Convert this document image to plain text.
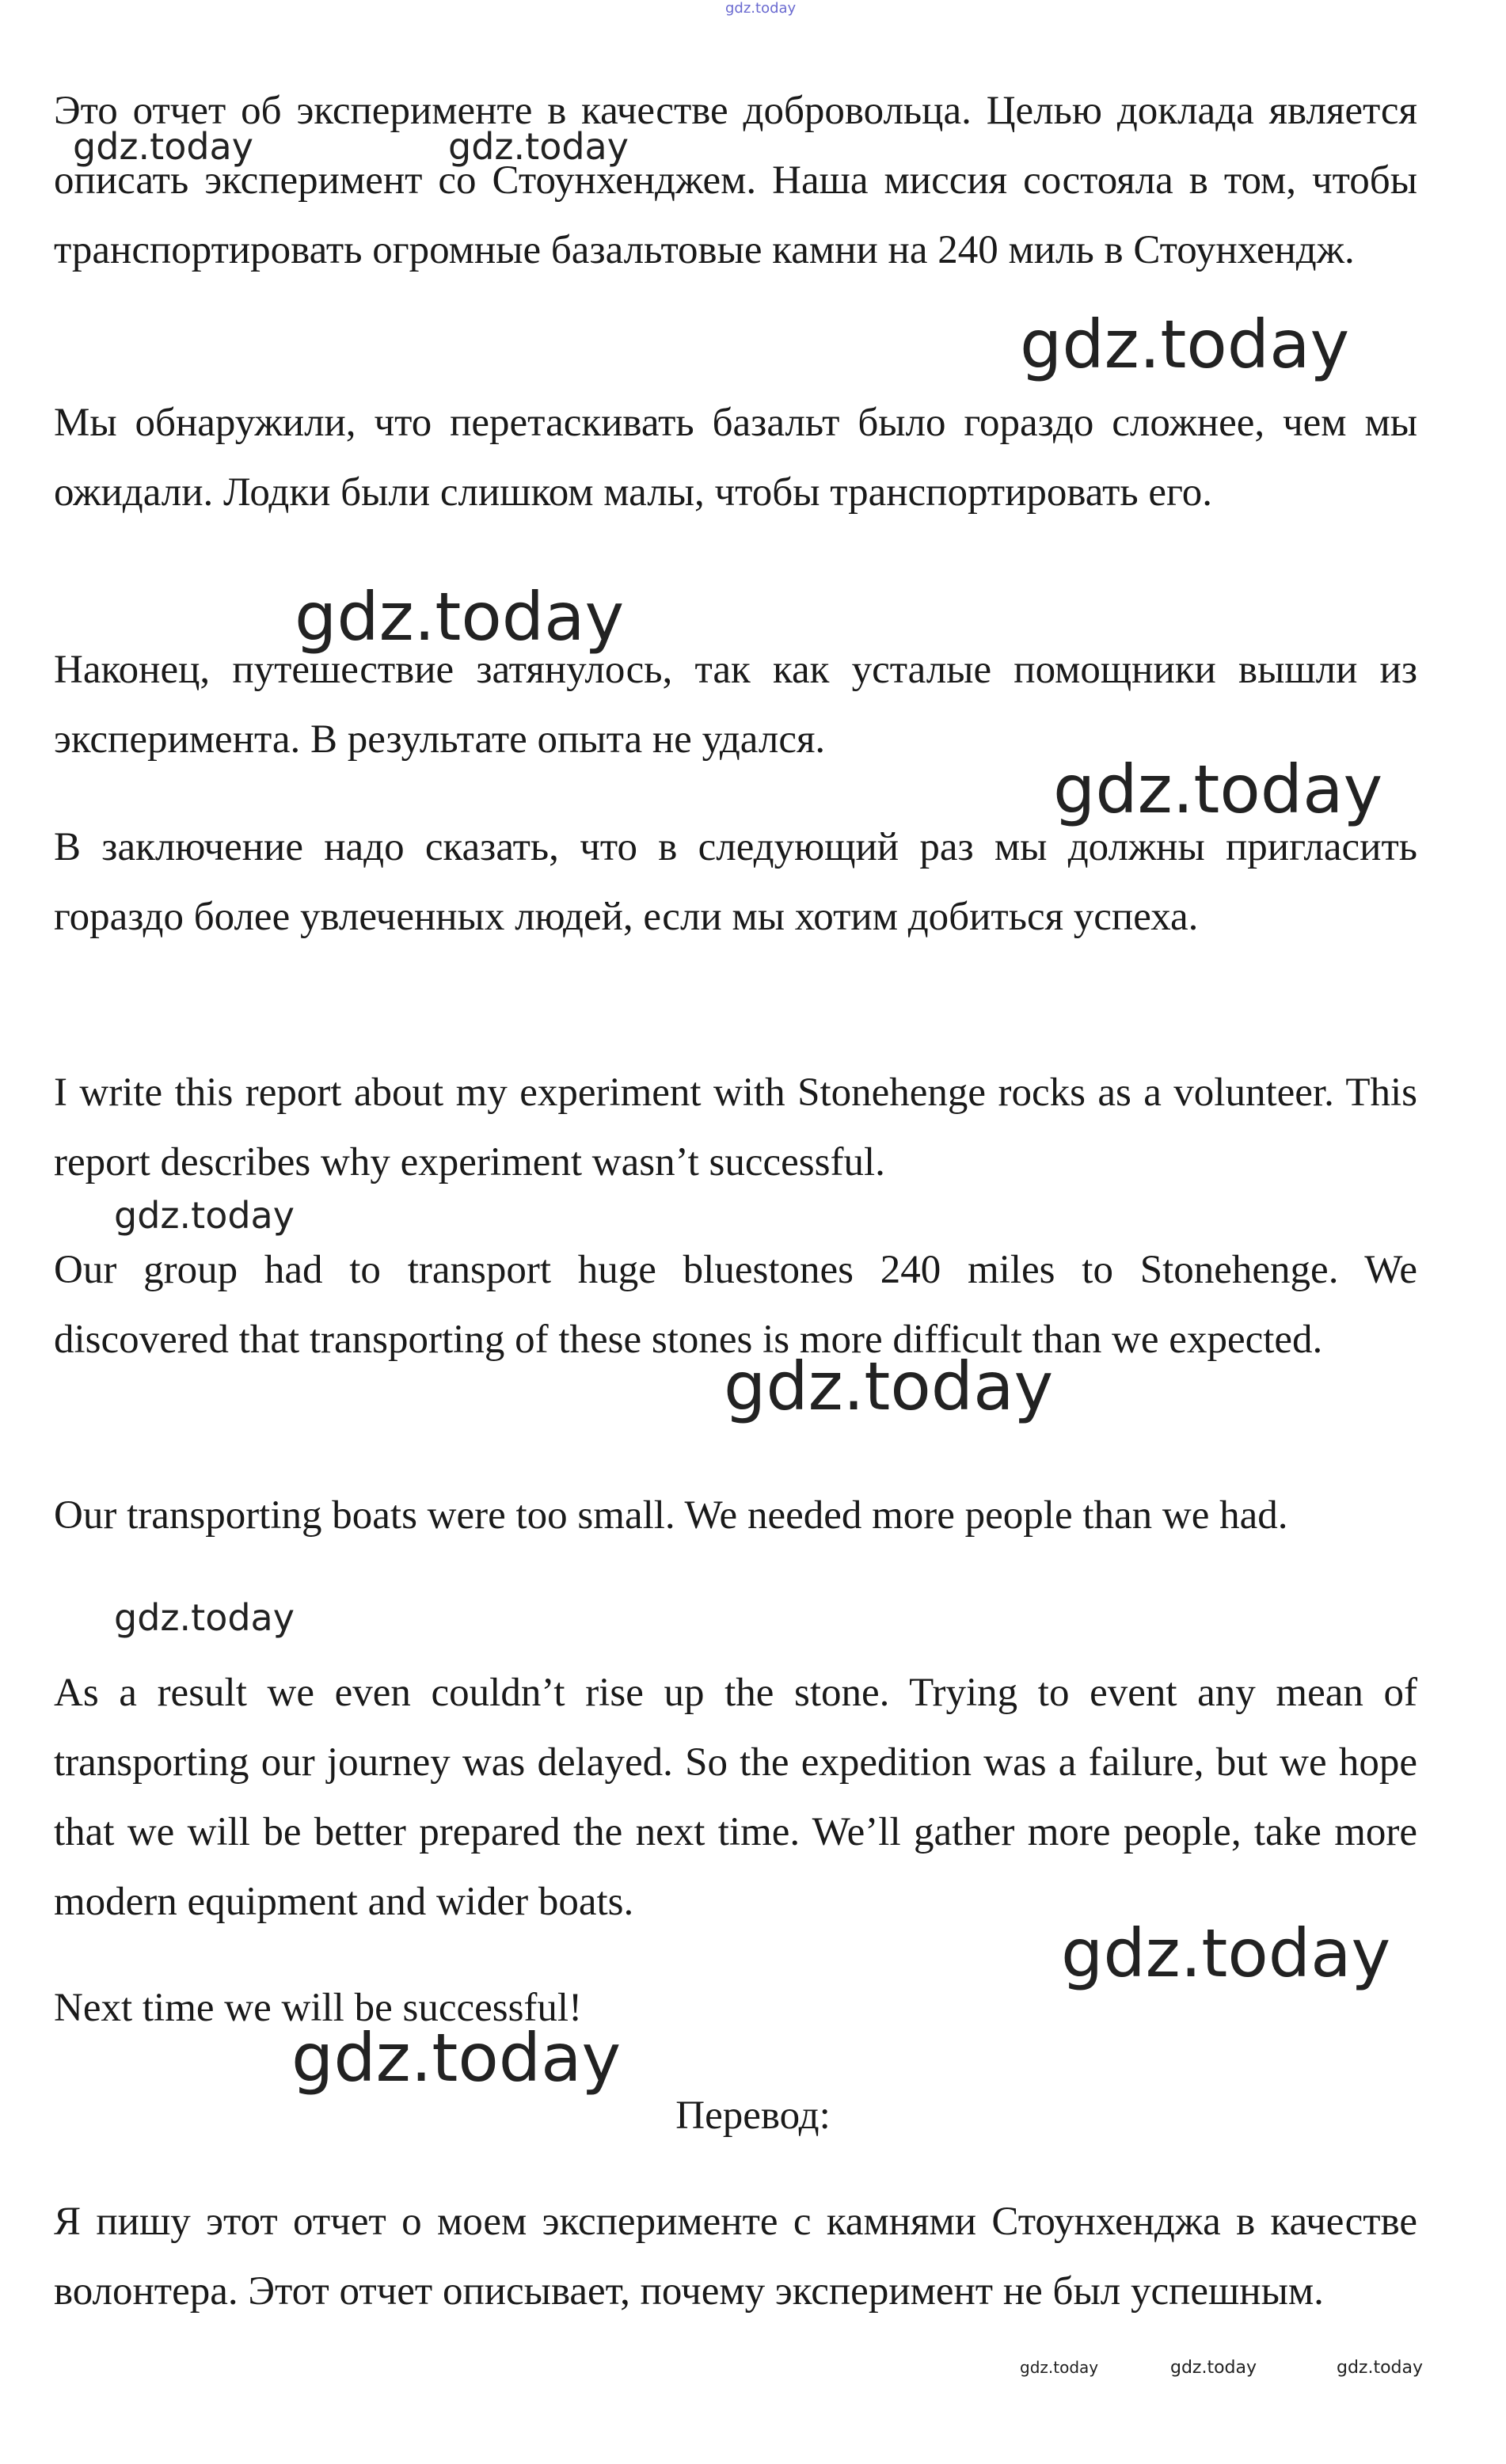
gdz.today

Это отчет об эксперименте в качестве добровольца. Целью доклада является описать эксперимент со Стоунхенджем. Наша миссия состояла в том, чтобы транспортировать огромные базальтовые камни на 240 миль в Стоунхендж.

Мы обнаружили, что перетаскивать базальт было гораздо сложнее, чем мы ожидали. Лодки были слишком малы, чтобы транспортировать его.

Наконец, путешествие затянулось, так как усталые помощники вышли из эксперимента. В результате опыта не удался.

В заключение надо сказать, что в следующий раз мы должны пригласить гораздо более увлеченных людей, если мы хотим добиться успеха.

I write this report about my experiment with Stonehenge rocks as a volunteer. This report describes why experiment wasn’t successful.

Our group had to transport huge bluestones 240 miles to Stonehenge. We discovered that transporting of these stones is more difficult than we expected.

Our transporting boats were too small. We needed more people than we had.

As a result we even couldn’t rise up the stone. Trying to event any mean of transporting our journey was delayed. So the expedition was a failure, but we hope that we will be better prepared the next time. We’ll gather more people, take more modern equipment and wider boats.

Next time we will be successful!

Перевод:

Я пишу этот отчет о моем эксперименте с камнями Стоунхенджа в качестве волонтера. Этот отчет описывает, почему эксперимент не был успешным.

gdz.today	gdz.today
gdz.today
gdz.today
gdz.today
gdz.today
gdz.today
gdz.today
gdz.today
gdz.today
gdz.today	gdz.today	gdz.today
